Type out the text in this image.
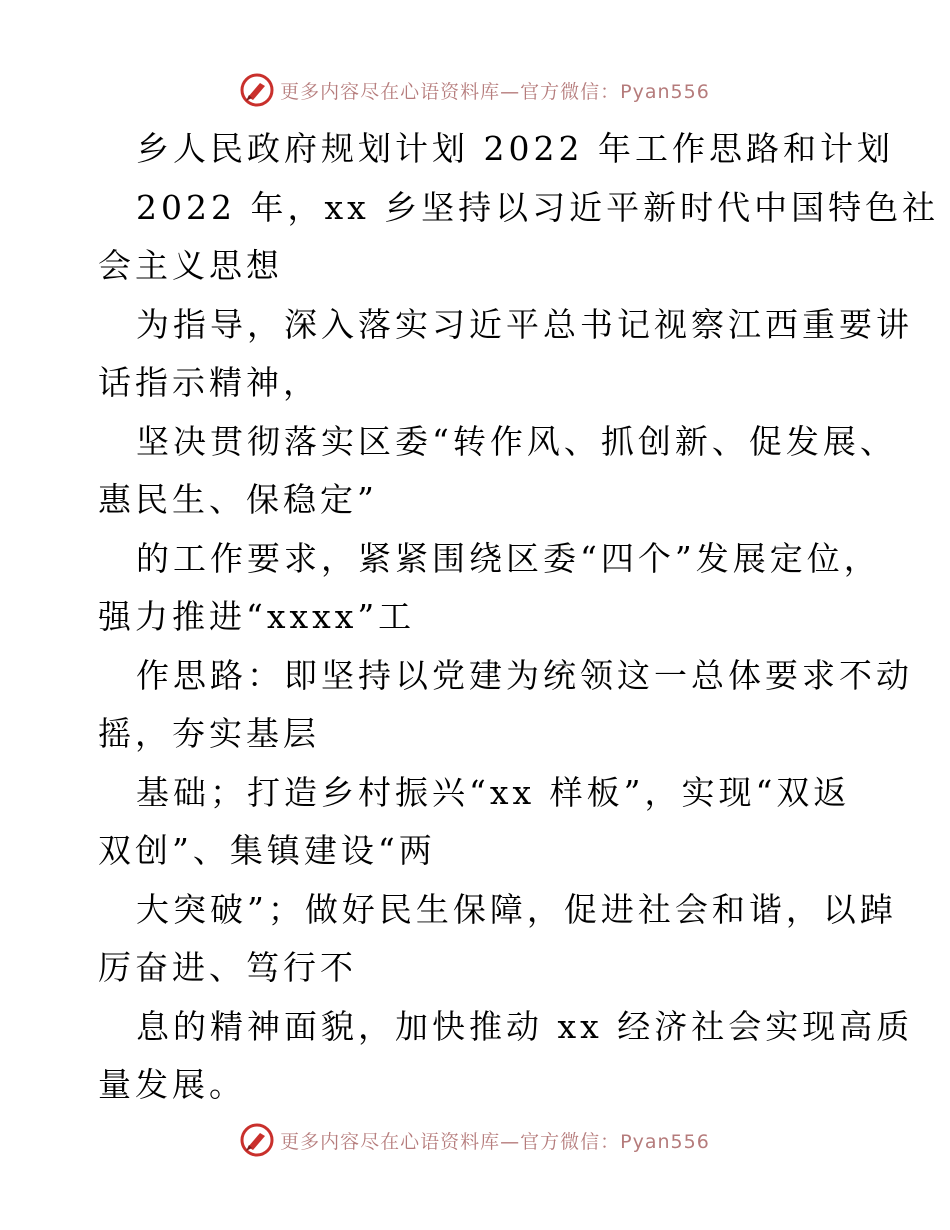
更多内容尽在心语资料库—官方微信：Pyan556
乡人民政府规划计划 2022 年工作思路和计划
2022 年，xx 乡坚持以习近平新时代中国特色社
会主义思想
为指导，深入落实习近平总书记视察江西重要讲
话指示精神，
坚决贯彻落实区委“转作风、抓创新、促发展、
惠民生、保稳定”
的工作要求，紧紧围绕区委“四个”发展定位，
强力推进“xxxx”工
作思路：即坚持以党建为统领这一总体要求不动
摇，夯实基层
基础；打造乡村振兴“xx 样板”，实现“双返
双创”、集镇建设“两
大突破”；做好民生保障，促进社会和谐，以踔
厉奋进、笃行不
息的精神面貌，加快推动 xx 经济社会实现高质
量发展。
更多内容尽在心语资料库—官方微信：Pyan556
